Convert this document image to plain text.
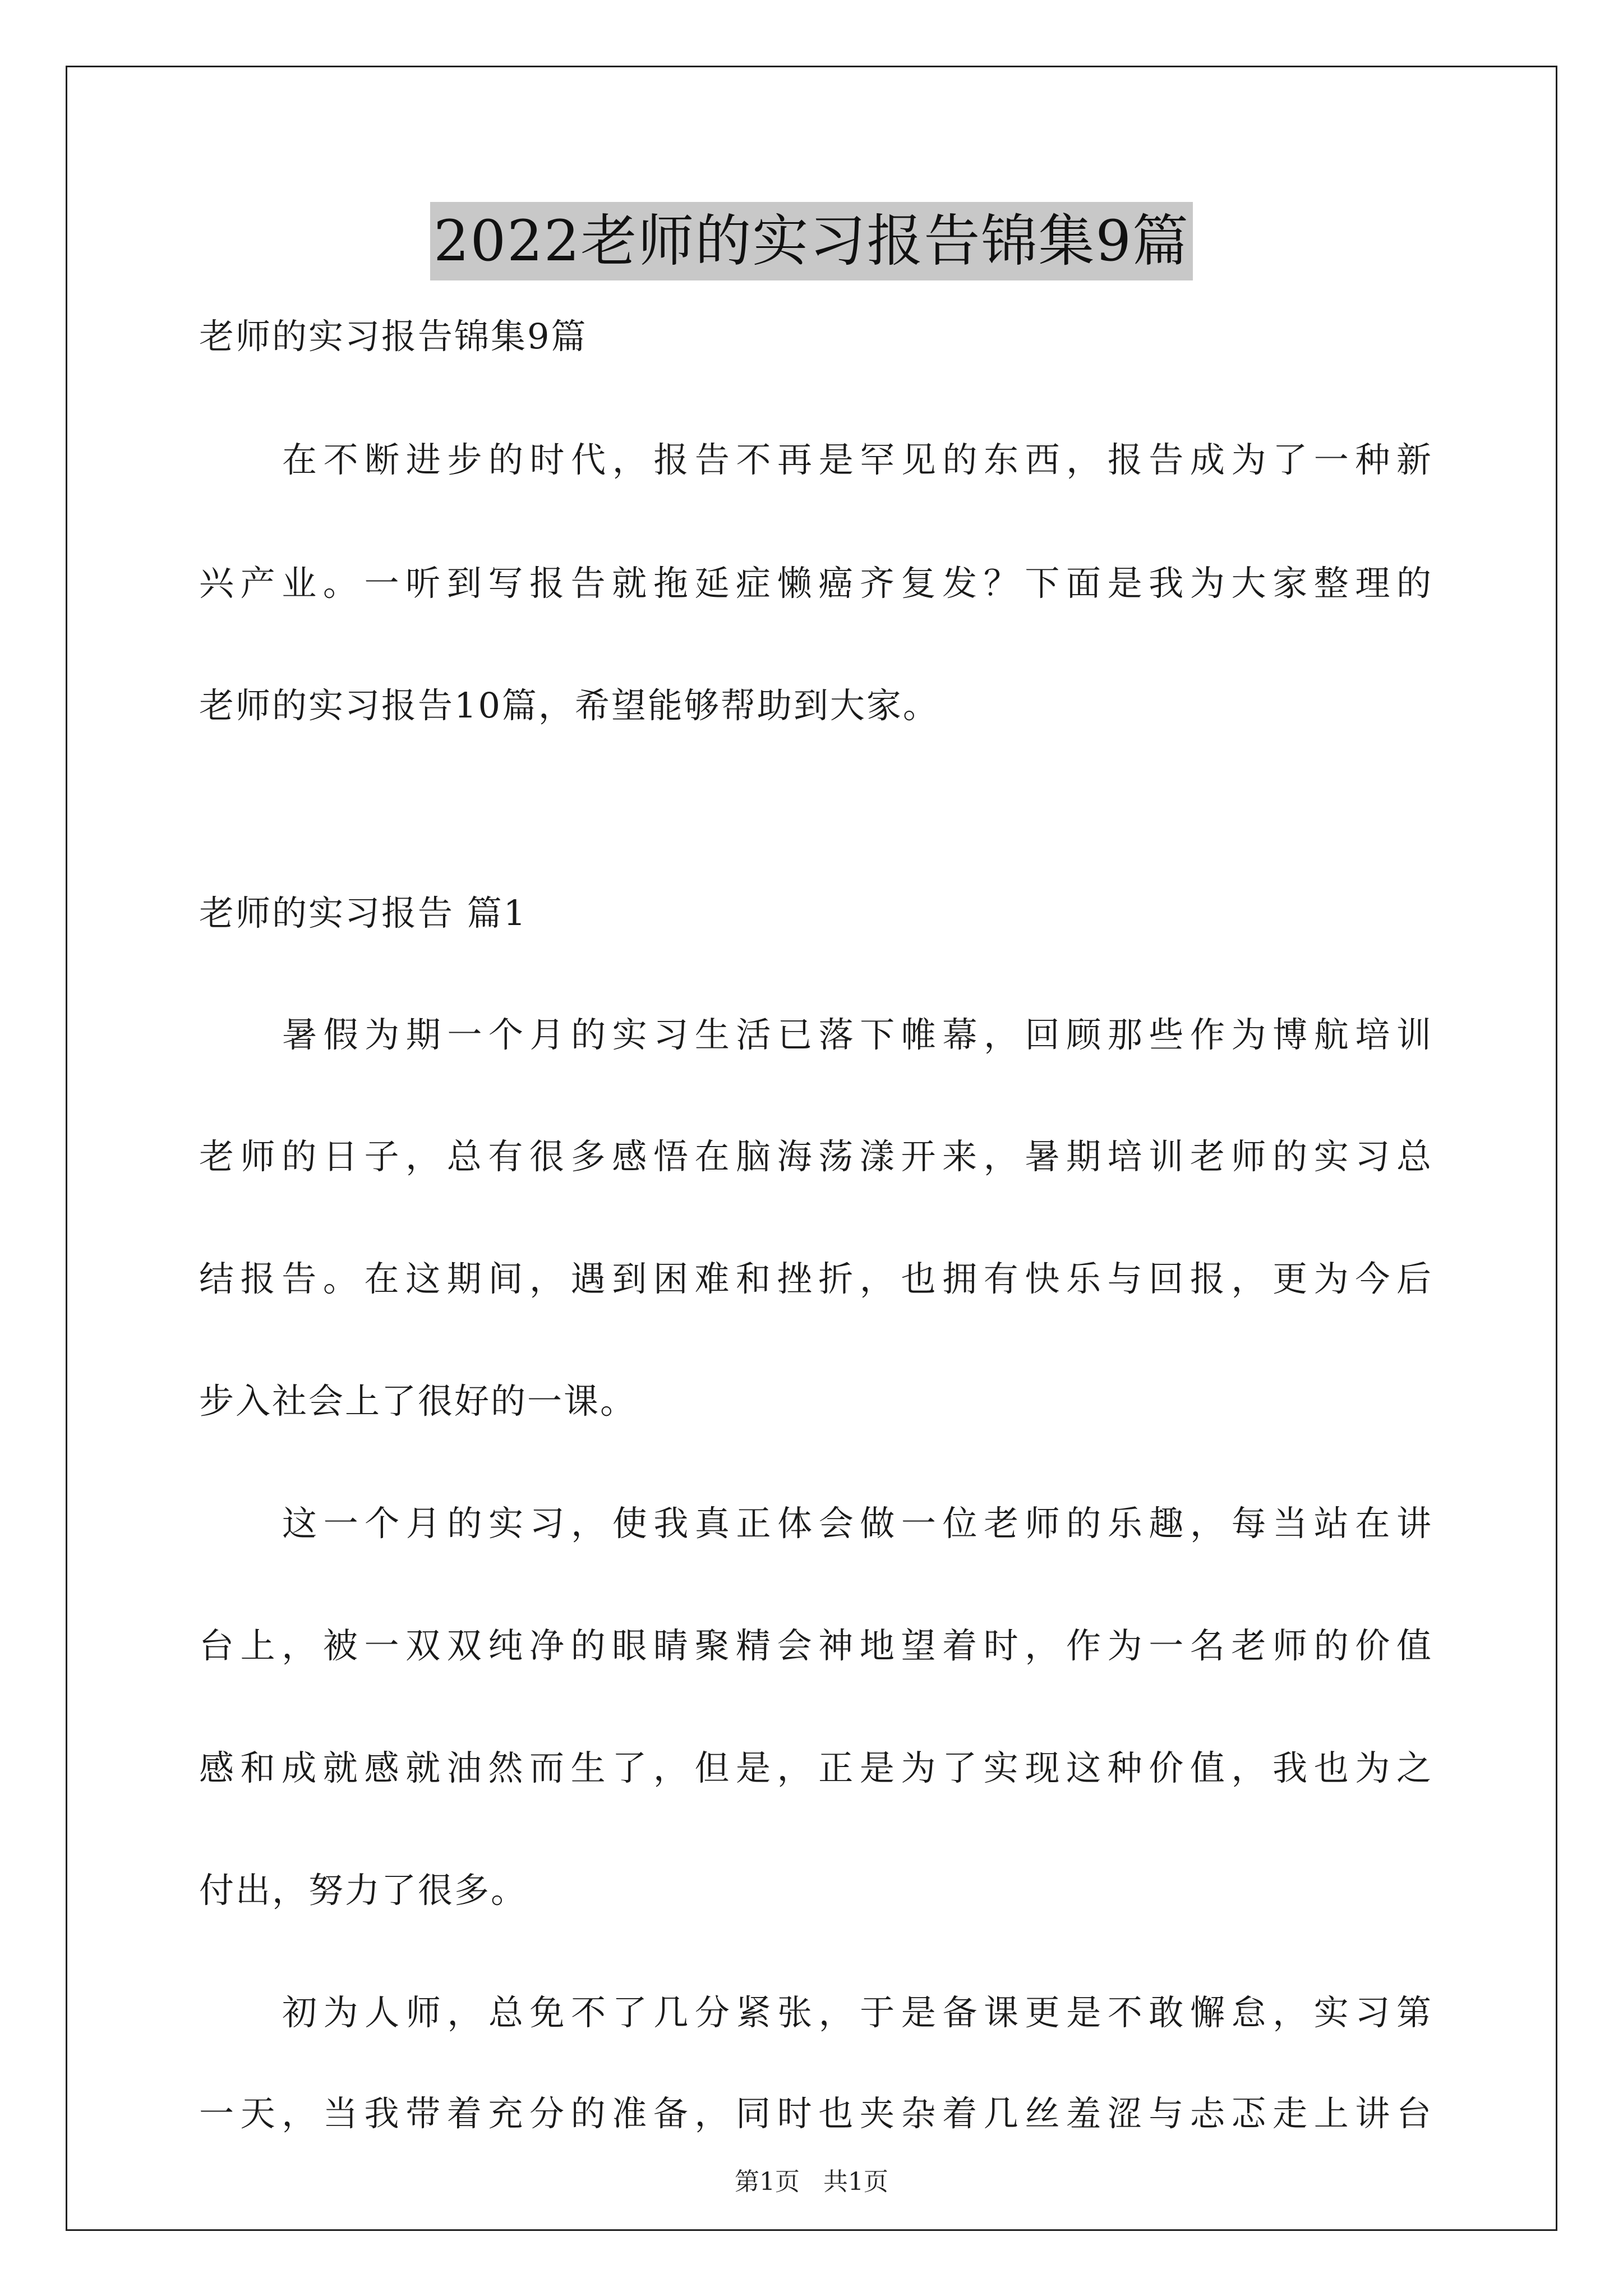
2022老师的实习报告锦集9篇
老师的实习报告锦集9篇
在不断进步的时代，报告不再是罕见的东西，报告成为了一种新
兴产业。一听到写报告就拖延症懒癌齐复发？下面是我为大家整理的
老师的实习报告10篇，希望能够帮助到大家。
老师的实习报告 篇1
暑假为期一个月的实习生活已落下帷幕，回顾那些作为博航培训
老师的日子，总有很多感悟在脑海荡漾开来，暑期培训老师的实习总
结报告。在这期间，遇到困难和挫折，也拥有快乐与回报，更为今后
步入社会上了很好的一课。
这一个月的实习，使我真正体会做一位老师的乐趣，每当站在讲
台上，被一双双纯净的眼睛聚精会神地望着时，作为一名老师的价值
感和成就感就油然而生了，但是，正是为了实现这种价值，我也为之
付出，努力了很多。
初为人师，总免不了几分紧张，于是备课更是不敢懈怠，实习第
一天，当我带着充分的准备，同时也夹杂着几丝羞涩与忐忑走上讲台
第1页 共1页
